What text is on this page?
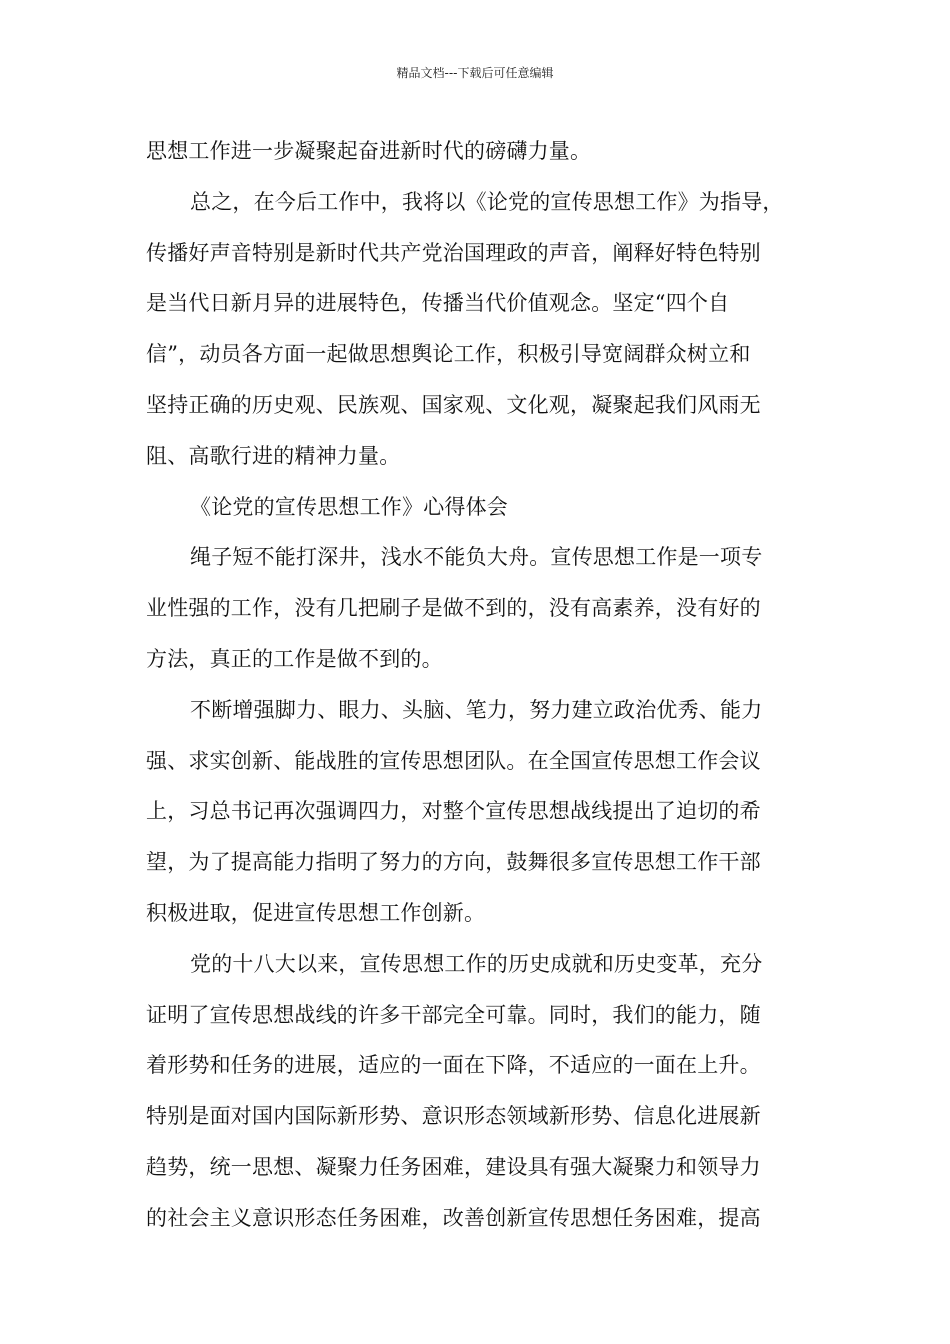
精品文档---下载后可任意编辑
思想工作进一步凝聚起奋进新时代的磅礴力量。
总之，在今后工作中，我将以《论党的宣传思想工作》为指导，
传播好声音特别是新时代共产党治国理政的声音，阐释好特色特别
是当代日新月异的进展特色，传播当代价值观念。坚定“四个自
信”，动员各方面一起做思想舆论工作，积极引导宽阔群众树立和
坚持正确的历史观、民族观、国家观、文化观，凝聚起我们风雨无
阻、高歌行进的精神力量。
《论党的宣传思想工作》心得体会
绳子短不能打深井，浅水不能负大舟。宣传思想工作是一项专
业性强的工作，没有几把刷子是做不到的，没有高素养，没有好的
方法，真正的工作是做不到的。
不断增强脚力、眼力、头脑、笔力，努力建立政治优秀、能力
强、求实创新、能战胜的宣传思想团队。在全国宣传思想工作会议
上，习总书记再次强调四力，对整个宣传思想战线提出了迫切的希
望，为了提高能力指明了努力的方向，鼓舞很多宣传思想工作干部
积极进取，促进宣传思想工作创新。
党的十八大以来，宣传思想工作的历史成就和历史变革，充分
证明了宣传思想战线的许多干部完全可靠。同时，我们的能力，随
着形势和任务的进展，适应的一面在下降，不适应的一面在上升。
特别是面对国内国际新形势、意识形态领域新形势、信息化进展新
趋势，统一思想、凝聚力任务困难，建设具有强大凝聚力和领导力
的社会主义意识形态任务困难，改善创新宣传思想任务困难，提高
